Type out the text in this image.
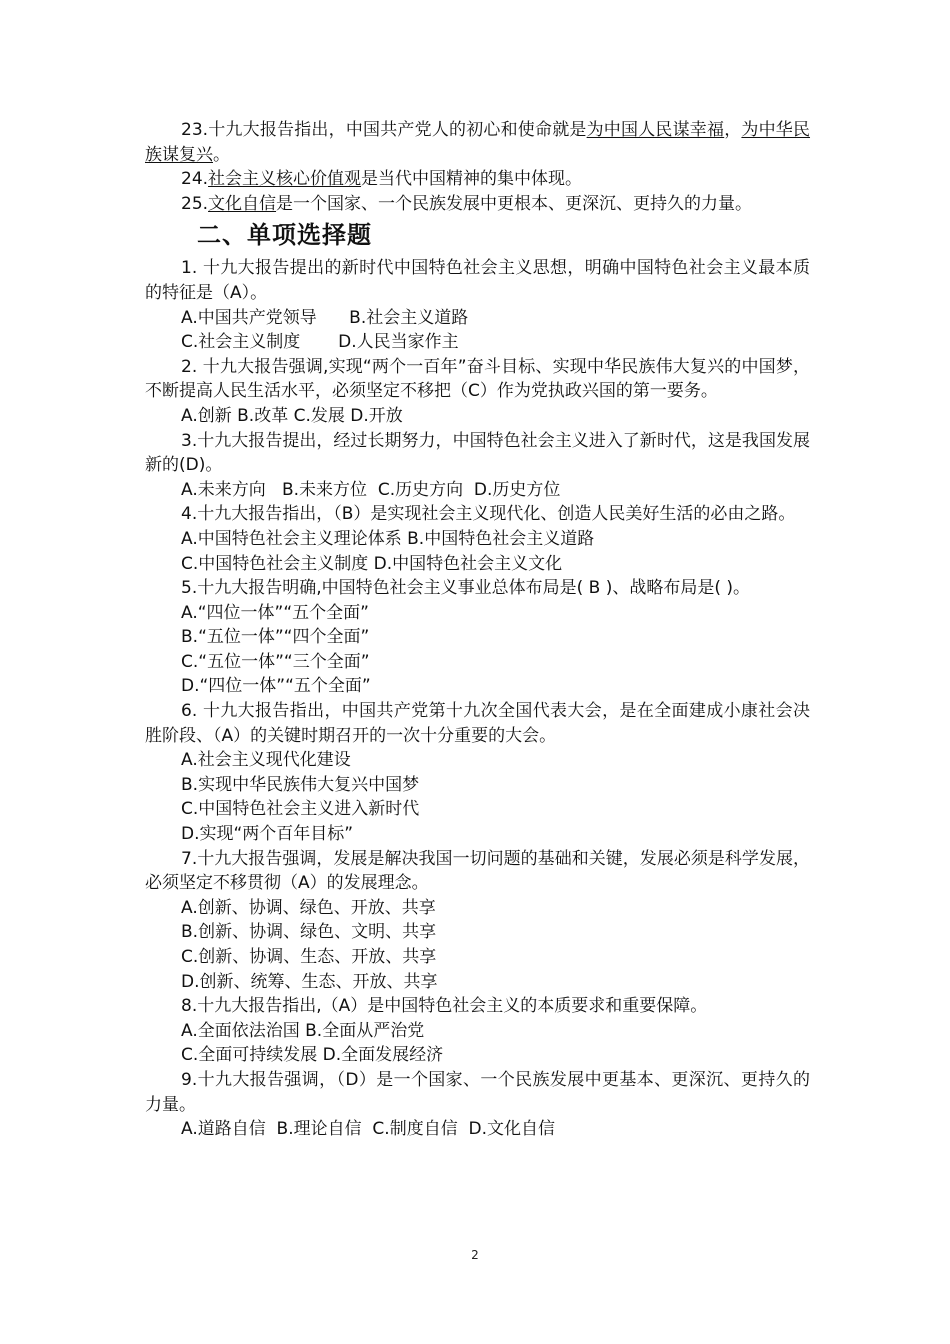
23.十九大报告指出，中国共产党人的初心和使命就是为中国人民谋幸福，为中华民族谋复兴。

24.社会主义核心价值观是当代中国精神的集中体现。

25.文化自信是一个国家、一个民族发展中更根本、更深沉、更持久的力量。

二、单项选择题

1. 十九大报告提出的新时代中国特色社会主义思想，明确中国特色社会主义最本质的特征是（A）。

A.中国共产党领导      B.社会主义道路

C.社会主义制度       D.人民当家作主

2. 十九大报告强调,实现“两个一百年”奋斗目标、实现中华民族伟大复兴的中国梦，不断提高人民生活水平，必须坚定不移把（C）作为党执政兴国的第一要务。

A.创新 B.改革 C.发展 D.开放

3.十九大报告提出，经过长期努力，中国特色社会主义进入了新时代，这是我国发展新的(D)。

A.未来方向   B.未来方位  C.历史方向  D.历史方位

4.十九大报告指出，（B）是实现社会主义现代化、创造人民美好生活的必由之路。

A.中国特色社会主义理论体系 B.中国特色社会主义道路

C.中国特色社会主义制度 D.中国特色社会主义文化

5.十九大报告明确,中国特色社会主义事业总体布局是( B )、战略布局是( )。

A.“四位一体”“五个全面”

B.“五位一体”“四个全面”

C.“五位一体”“三个全面”

D.“四位一体”“五个全面”

6. 十九大报告指出，中国共产党第十九次全国代表大会，是在全面建成小康社会决胜阶段、（A）的关键时期召开的一次十分重要的大会。

A.社会主义现代化建设

B.实现中华民族伟大复兴中国梦

C.中国特色社会主义进入新时代

D.实现“两个百年目标”

7.十九大报告强调，发展是解决我国一切问题的基础和关键，发展必须是科学发展，必须坚定不移贯彻（A）的发展理念。

A.创新、协调、绿色、开放、共享

B.创新、协调、绿色、文明、共享

C.创新、协调、生态、开放、共享

D.创新、统筹、生态、开放、共享

8.十九大报告指出,（A）是中国特色社会主义的本质要求和重要保障。

A.全面依法治国 B.全面从严治党

C.全面可持续发展 D.全面发展经济

9.十九大报告强调，（D）是一个国家、一个民族发展中更基本、更深沉、更持久的力量。

A.道路自信  B.理论自信  C.制度自信  D.文化自信

2
